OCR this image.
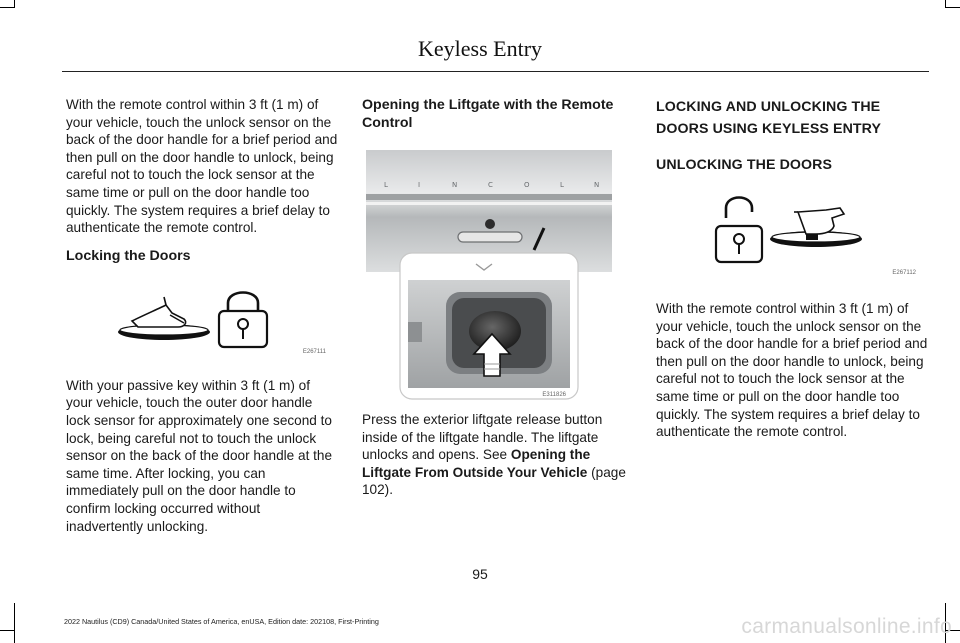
Keyless Entry

With the remote control within 3 ft (1 m) of your vehicle, touch the unlock sensor on the back of the door handle for a brief period and then pull on the door handle to unlock, being careful not to touch the lock sensor at the same time or pull on the door handle too quickly. The system requires a brief delay to authenticate the remote control.

Locking the Doors

E267111

With your passive key within 3 ft (1 m) of your vehicle, touch the outer door handle lock sensor for approximately one second to lock, being careful not to touch the unlock sensor on the back of the door handle at the same time. After locking, you can immediately pull on the door handle to confirm locking occurred without inadvertently unlocking.

Opening the Liftgate with the Remote Control

L	I	N	C	O	L	N
E311826

Press the exterior liftgate release button inside of the liftgate handle. The liftgate unlocks and opens. See Opening the Liftgate From Outside Your Vehicle (page 102).

LOCKING AND UNLOCKING THE
DOORS USING KEYLESS ENTRY

UNLOCKING THE DOORS

E267112

With the remote control within 3 ft (1 m) of your vehicle, touch the unlock sensor on the back of the door handle for a brief period and then pull on the door handle to unlock, being careful not to touch the lock sensor at the same time or pull on the door handle too quickly. The system requires a brief delay to authenticate the remote control.

95
2022 Nautilus (CD9) Canada/United States of America, enUSA, Edition date: 202108, First-Printing	carmanualsonline.info
